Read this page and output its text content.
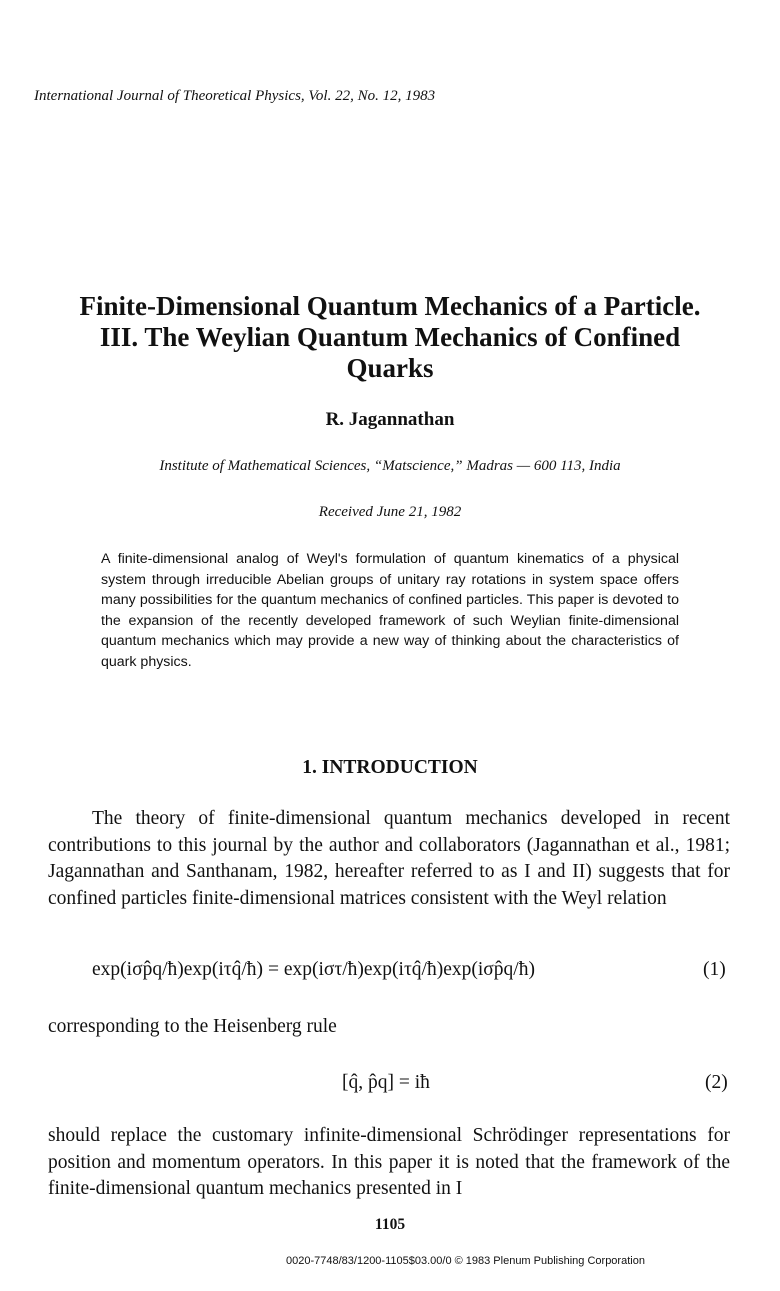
International Journal of Theoretical Physics, Vol. 22, No. 12, 1983
Finite-Dimensional Quantum Mechanics of a Particle. III. The Weylian Quantum Mechanics of Confined Quarks
R. Jagannathan
Institute of Mathematical Sciences, “Matscience,” Madras — 600 113, India
Received June 21, 1982
A finite-dimensional analog of Weyl's formulation of quantum kinematics of a physical system through irreducible Abelian groups of unitary ray rotations in system space offers many possibilities for the quantum mechanics of confined particles. This paper is devoted to the expansion of the recently developed framework of such Weylian finite-dimensional quantum mechanics which may provide a new way of thinking about the characteristics of quark physics.
1. INTRODUCTION
The theory of finite-dimensional quantum mechanics developed in recent contributions to this journal by the author and collaborators (Jagannathan et al., 1981; Jagannathan and Santhanam, 1982, hereafter referred to as I and II) suggests that for confined particles finite-dimensional matrices consistent with the Weyl relation
exp(iσp̂q/ħ)exp(iτq̂/ħ) = exp(iστ/ħ)exp(iτq̂/ħ)exp(iσp̂q/ħ)	(1)
corresponding to the Heisenberg rule
[q̂, p̂q] = iħ	(2)
should replace the customary infinite-dimensional Schrödinger representations for position and momentum operators. In this paper it is noted that the framework of the finite-dimensional quantum mechanics presented in I
1105
0020-7748/83/1200-1105$03.00/0 © 1983 Plenum Publishing Corporation
